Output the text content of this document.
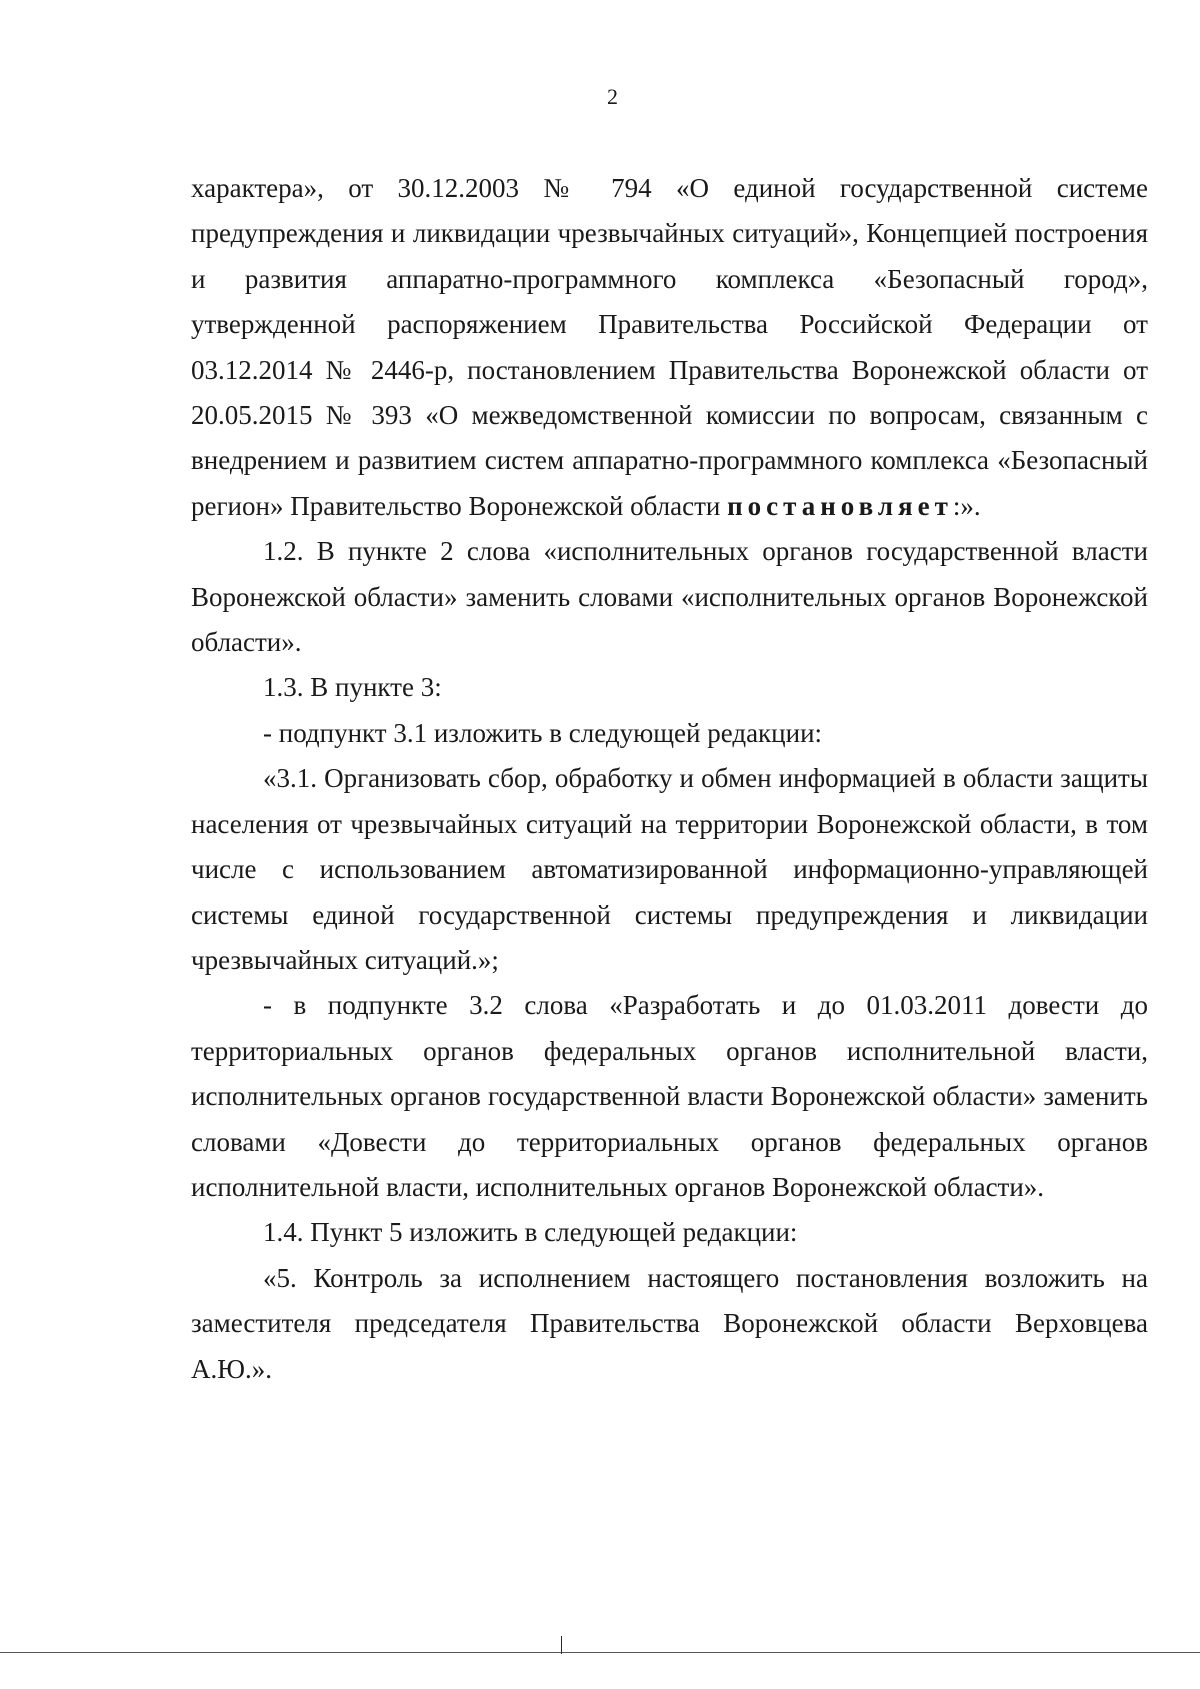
2

характера», от 30.12.2003 № 794 «О единой государственной системе предупреждения и ликвидации чрезвычайных ситуаций», Концепцией построения и развития аппаратно-программного комплекса «Безопасный город», утвержденной распоряжением Правительства Российской Федерации от 03.12.2014 № 2446-р, постановлением Правительства Воронежской области от 20.05.2015 № 393 «О межведомственной комиссии по вопросам, связанным с внедрением и развитием систем аппаратно-программного комплекса «Безопасный регион» Правительство Воронежской области постановляет:».

1.2. В пункте 2 слова «исполнительных органов государственной власти Воронежской области» заменить словами «исполнительных органов Воронежской области».

1.3. В пункте 3:

- подпункт 3.1 изложить в следующей редакции:

«3.1. Организовать сбор, обработку и обмен информацией в области защиты населения от чрезвычайных ситуаций на территории Воронежской области, в том числе с использованием автоматизированной информационно-управляющей системы единой государственной системы предупреждения и ликвидации чрезвычайных ситуаций.»;

- в подпункте 3.2 слова «Разработать и до 01.03.2011 довести до территориальных органов федеральных органов исполнительной власти, исполнительных органов государственной власти Воронежской области» заменить словами «Довести до территориальных органов федеральных органов исполнительной власти, исполнительных органов Воронежской области».

1.4. Пункт 5 изложить в следующей редакции:

«5. Контроль за исполнением настоящего постановления возложить на заместителя председателя Правительства Воронежской области Верховцева А.Ю.».
